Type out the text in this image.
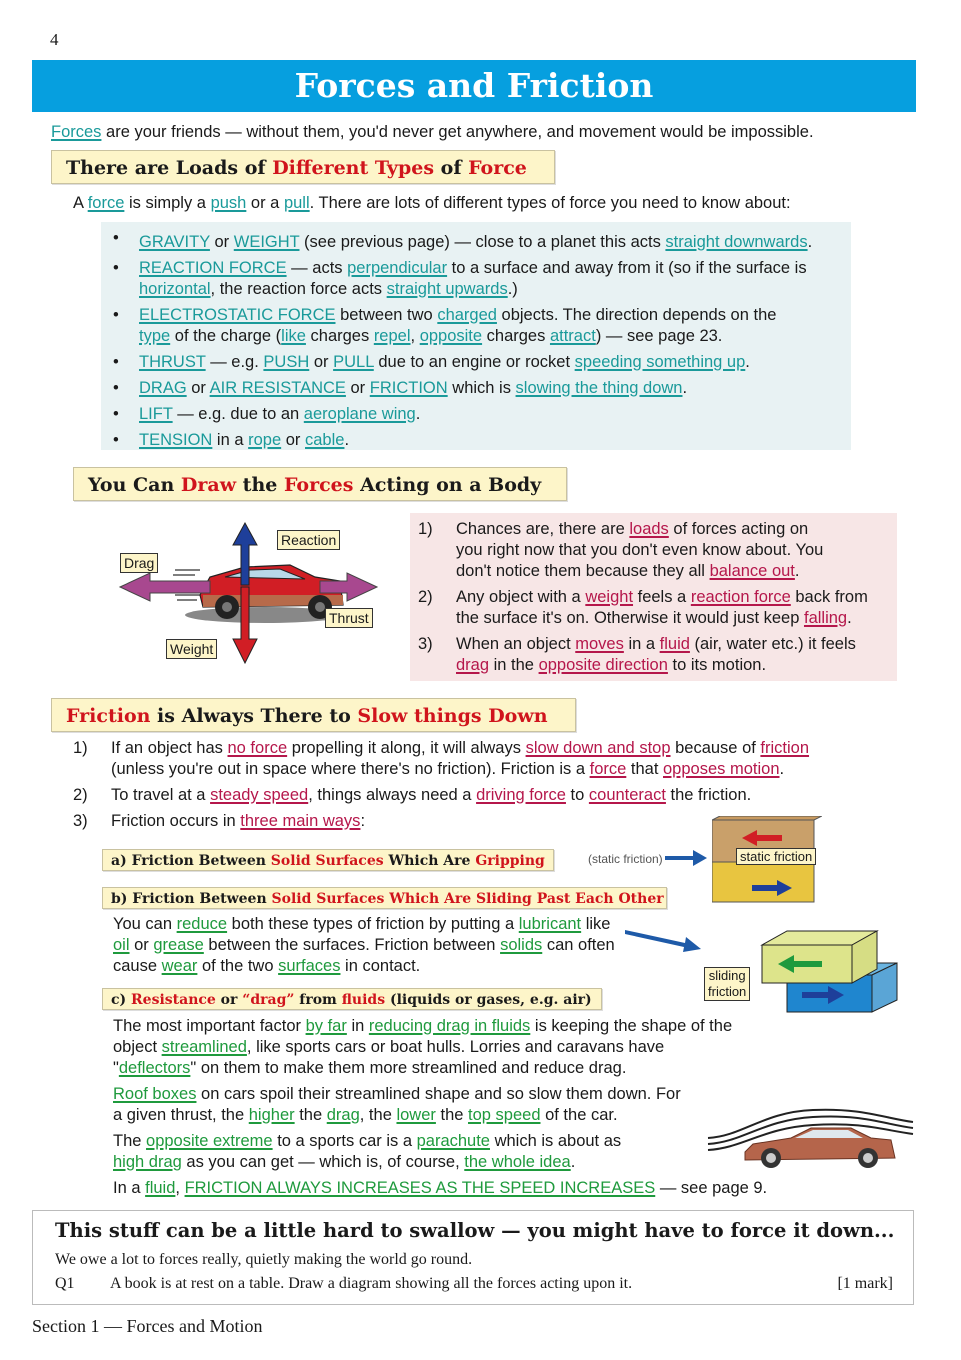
4
Forces and Friction
Forces are your friends — without them, you'd never get anywhere, and movement would be impossible.
There are Loads of Different Types of Force
A force is simply a push or a pull. There are lots of different types of force you need to know about:
• GRAVITY or WEIGHT (see previous page) — close to a planet this acts straight downwards.
• REACTION FORCE — acts perpendicular to a surface and away from it (so if the surface is horizontal, the reaction force acts straight upwards.)
• ELECTROSTATIC FORCE between two charged objects. The direction depends on the type of the charge (like charges repel, opposite charges attract) — see page 23.
• THRUST — e.g. PUSH or PULL due to an engine or rocket speeding something up.
• DRAG or AIR RESISTANCE or FRICTION which is slowing the thing down.
• LIFT — e.g. due to an aeroplane wing.
• TENSION in a rope or cable.
You Can Draw the Forces Acting on a Body
Reaction
Drag
Thrust
Weight
1) Chances are, there are loads of forces acting on you right now that you don't even know about. You don't notice them because they all balance out.
2) Any object with a weight feels a reaction force back from the surface it's on. Otherwise it would just keep falling.
3) When an object moves in a fluid (air, water etc.) it feels drag in the opposite direction to its motion.
Friction is Always There to Slow things Down
1) If an object has no force propelling it along, it will always slow down and stop because of friction (unless you're out in space where there's no friction). Friction is a force that opposes motion.
2) To travel at a steady speed, things always need a driving force to counteract the friction.
3) Friction occurs in three main ways:
a) Friction Between Solid Surfaces Which Are Gripping	(static friction)	static friction
b) Friction Between Solid Surfaces Which Are Sliding Past Each Other
You can reduce both these types of friction by putting a lubricant like oil or grease between the surfaces. Friction between solids can often cause wear of the two surfaces in contact.
sliding
friction
c) Resistance or “drag” from fluids (liquids or gases, e.g. air)

The most important factor by far in reducing drag in fluids is keeping the shape of the object streamlined, like sports cars or boat hulls. Lorries and caravans have "deflectors" on them to make them more streamlined and reduce drag.

Roof boxes on cars spoil their streamlined shape and so slow them down. For a given thrust, the higher the drag, the lower the top speed of the car.

The opposite extreme to a sports car is a parachute which is about as high drag as you can get — which is, of course, the whole idea.

In a fluid, FRICTION ALWAYS INCREASES AS THE SPEED INCREASES — see page 9.

This stuff can be a little hard to swallow — you might have to force it down...
We owe a lot to forces really, quietly making the world go round.
Q1 A book is at rest on a table. Draw a diagram showing all the forces acting upon it.	[1 mark]
Section 1 — Forces and Motion
